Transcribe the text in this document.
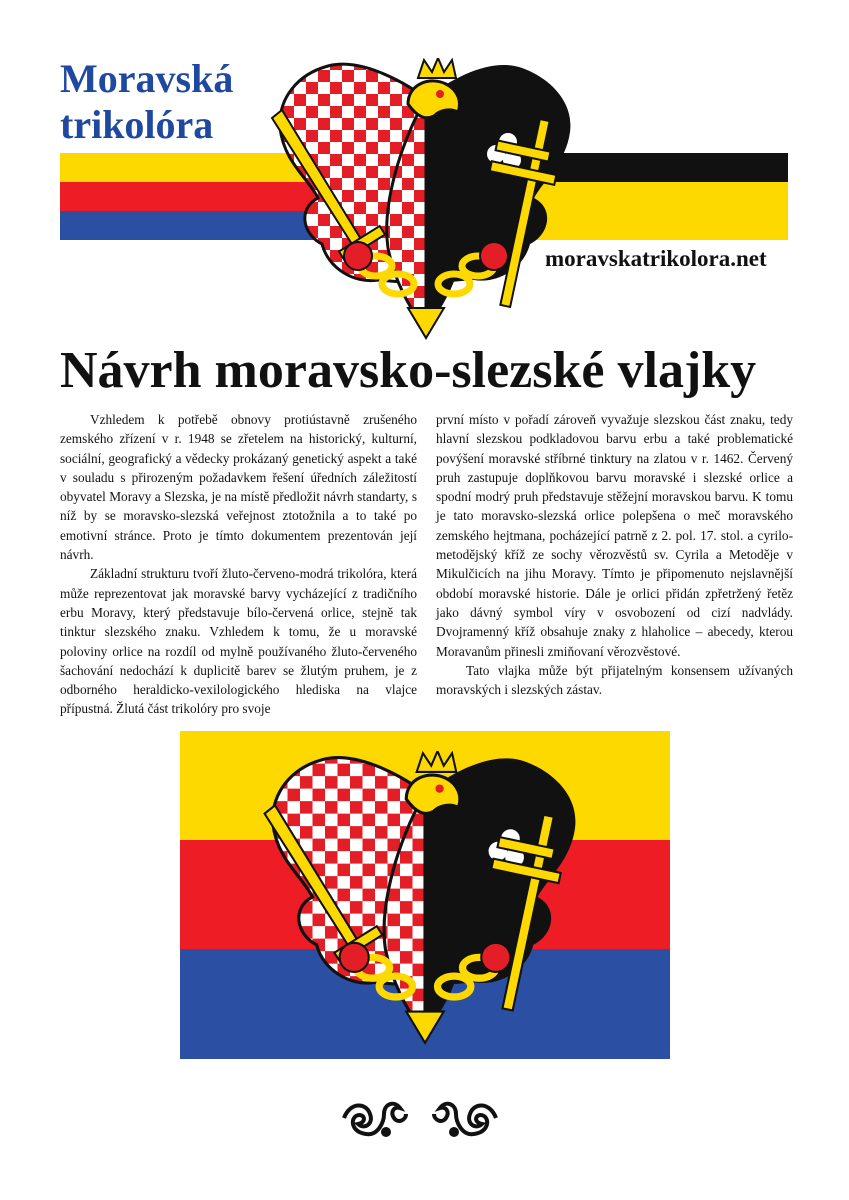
Moravská
trikolóra
moravskatrikolora.net
Návrh moravsko-slezské vlajky

Vzhledem k potřebě obnovy protiústavně zrušeného zemského zřízení v r. 1948 se zřetelem na historický, kulturní, sociální, geografický a vědecky prokázaný genetický aspekt a také v souladu s přirozeným požadavkem řešení úředních záležitostí obyvatel Moravy a Slezska, je na místě předložit návrh standarty, s níž by se moravsko-slezská veřejnost ztotožnila a to také po emotivní stránce. Proto je tímto dokumentem prezentován její návrh.

Základní strukturu tvoří žluto-červeno-modrá trikolóra, která může reprezentovat jak moravské barvy vycházející z tradičního erbu Moravy, který představuje bílo-červená orlice, stejně tak tinktur slezského znaku. Vzhledem k tomu, že u moravské poloviny orlice na rozdíl od mylně používaného žluto-červeného šachování nedochází k duplicitě barev se žlutým pruhem, je z odborného heraldicko-vexilologického hlediska na vlajce přípustná. Žlutá část trikolóry pro svoje

první místo v pořadí zároveň vyvažuje slezskou část znaku, tedy hlavní slezskou podkladovou barvu erbu a také problematické povýšení moravské stříbrné tinktury na zlatou v r. 1462. Červený pruh zastupuje doplňkovou barvu moravské i slezské orlice a spodní modrý pruh představuje stěžejní moravskou barvu. K tomu je tato moravsko-slezská orlice polepšena o meč moravského zemského hejtmana, pocházející patrně z 2. pol. 17. stol. a cyrilo-metodějský kříž ze sochy věrozvěstů sv. Cyrila a Metoděje v Mikulčicích na jihu Moravy. Tímto je připomenuto nejslavnější období moravské historie. Dále je orlici přidán zpřetržený řetěz jako dávný symbol víry v osvobození od cizí nadvlády. Dvojramenný kříž obsahuje znaky z hlaholice – abecedy, kterou Moravanům přinesli zmiňovaní věrozvěstové.

Tato vlajka může být přijatelným konsensem užívaných moravských i slezských zástav.
